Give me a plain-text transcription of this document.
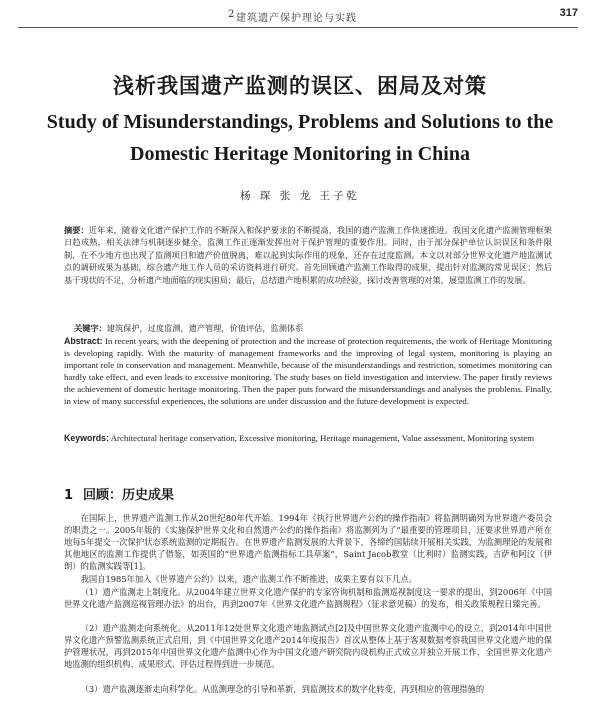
2 建筑遗产保护理论与实践	317
浅析我国遗产监测的误区、困局及对策
Study of Misunderstandings, Problems and Solutions to the Domestic Heritage Monitoring in China
杨 琛 张 龙 王子乾
摘要：近年来，随着文化遗产保护工作的不断深入和保护要求的不断提高，我国的遗产监测工作快速推进。我国文化遗产监测管理框架日趋成熟，相关法律与机制逐步健全，监测工作正逐渐发挥出对于保护管理的重要作用。同时，由于部分保护单位认识误区和条件限制，在不少地方也出现了监测项目和遗产价值脱离，难以起到实际作用的现象，还存在过度监测。本文以对部分世界文化遗产地监测试点的调研成果为基础，综合遗产地工作人员的采访资料进行研究。首先回顾遗产监测工作取得的成果，提出针对监测的常见误区；然后基于现状的不足，分析遗产地面临的现实困局；最后，总结遗产地积累的成功经验，探讨改善管理的对策，展望监测工作的发展。
关键字：建筑保护，过度监测，遗产管理，价值评估，监测体系
Abstract: In recent years, with the deepening of protection and the increase of protection requirements, the work of Heritage Monitoring is developing rapidly. With the maturity of management frameworks and the improving of legal system, monitoring is playing an important role in conservation and management. Meanwhile, because of the misunderstandings and restriction, sometimes monitoring can hardly take effect, and even leads to excessive monitoring. The study bases on field investigation and interview. The paper firstly reviews the achievement of domestic heritage monitoring. Then the paper puts forward the misunderstandings and analyses the problems. Finally, in view of many successful experiences, the solutions are under discussion and the future development is expected.
Keywords: Architectural heritage conservation, Excessive monitoring, Heritage management, Value assessment, Monitoring system
1 回顾：历史成果
在国际上，世界遗产监测工作从20世纪80年代开始。1994年《执行世界遗产公约的操作指南》将监测明确列为世界遗产委员会的职责之一。2005年版的《实施保护世界文化和自然遗产公约的操作指南》将监测列为了“最重要的管理项目，还要求世界遗产所在地每5年提交一次保护状态系统监测的定期报告。在世界遗产监测发展的大背景下，各缔约国陆续开展相关实践，为监测理论的发展和其他地区的监测工作提供了借鉴，如英国的“世界遗产监测指标工具草案”，Saint Jacob教堂（比利时）监测实践，吉萨和阿汶（伊朗）的监测实践等[1]。
我国自1985年加入《世界遗产公约》以来，遗产监测工作不断推进，成果主要有以下几点。
（1）遗产监测走上制度化。从2004年建立世界文化遗产保护的专家咨询机制和监测巡视制度这一要求的提出，到2006年《中国世界文化遗产监测巡视管理办法》的出台，再到2007年《世界文化遗产监测规程》（征求意见稿）的发布，相关政策规程日臻完善。
（2）遗产监测走向系统化。从2011年12处世界文化遗产地监测试点[2]及中国世界文化遗产监测中心的设立，到2014年中国世界文化遗产预警监测系统正式启用，到《中国世界文化遗产2014年度报告》首次从整体上基于客观数据考察我国世界文化遗产地的保护管理状况，再到2015年中国世界文化遗产监测中心作为中国文化遗产研究院内设机构正式成立并独立开展工作，全国世界文化遗产地监测的组织机构、成果形式、评估过程得到进一步规范。
（3）遗产监测逐渐走向科学化。从监测理念的引导和革新，到监测技术的数字化转变，再到相应的管理措施的
